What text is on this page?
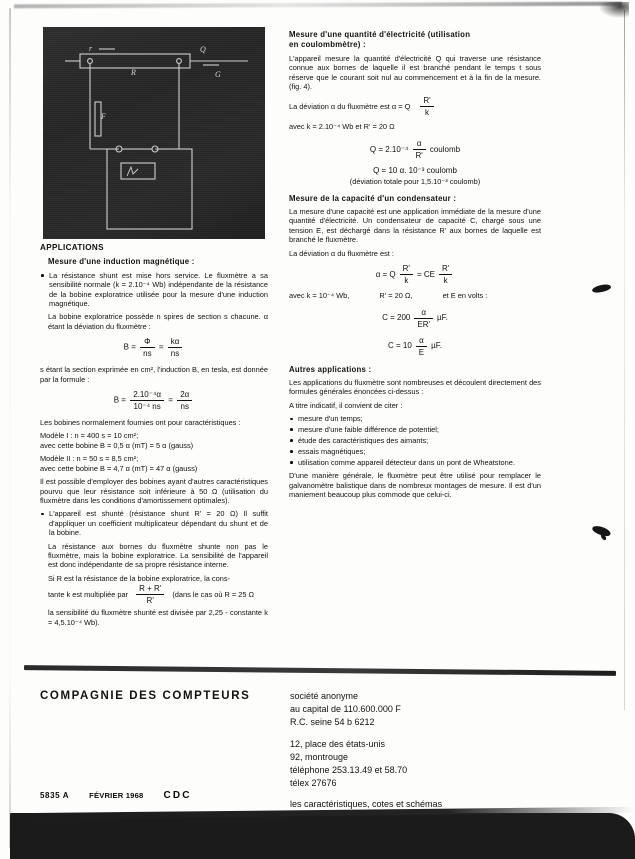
r
R
Q
G
F
APPLICATIONS
Mesure d'une induction magnétique :
La résistance shunt est mise hors service. Le fluxmètre a sa sensibilité normale (k = 2.10⁻⁴ Wb) indépendante de la résistance de la bobine exploratrice utilisée pour la mesure d'une induction magnétique.

La bobine exploratrice possède n spires de section s chacune. α étant la déviation du fluxmètre :

$B = \frac{\Phi}{ns} = \frac{k\alpha}{ns}$

s étant la section exprimée en cm², l'induction B, en tesla, est donnée par la formule :

$B = \frac{\text{2.10⁻⁴α}}{\text{10⁻⁴ ns}} = \frac{2\alpha}{ns}$

Les bobines normalement fournies ont pour caractéristiques :

Modèle I : n = 400 s = 10 cm²;

avec cette bobine B = 0,5 α (mT) = 5 α (gauss)

Modèle II : n = 50 s = 8,5 cm²;

avec cette bobine B = 4,7 α (mT) = 47 α (gauss)

Il est possible d'employer des bobines ayant d'autres caractéristiques pourvu que leur résistance soit inférieure à 50 Ω (utilisation du fluxmètre dans les conditions d'amortissement optimales).

L'appareil est shunté (résistance shunt R' = 20 Ω) Il suffit d'appliquer un coefficient multiplicateur dépendant du shunt et de la bobine.

La résistance aux bornes du fluxmètre shunte non pas le fluxmètre, mais la bobine exploratrice. La sensibilité de l'appareil est donc indépendante de sa propre résistance interne.

Si R est la résistance de la bobine exploratrice, la cons-

tante k est multipliée par $\frac{R + R'}{R'}$ (dans le cas où R = 25 Ω

la sensibilité du fluxmètre shunté est divisée par 2,25 - constante k = 4,5.10⁻⁴ Wb).

Mesure d'une quantité d'électricité (utilisation
en coulombmètre) :

L'appareil mesure la quantité d'électricité Q qui traverse une résistance connue aux bornes de laquelle il est branché pendant le temps t sous réserve que le courant soit nul au commencement et à la fin de la mesure. (fig. 4).

La déviation α du fluxmètre est α = Q $\frac{R'}{k}$

avec k = 2.10⁻⁴ Wb et R' = 20 Ω

$Q = 2.10^{-4} \frac{\alpha}{R'}$ coulomb
Q = 10 α. 10⁻³ coulomb
(déviation totale pour 1,5.10⁻³ coulomb)
Mesure de la capacité d'un condensateur :

La mesure d'une capacité est une application immédiate de la mesure d'une quantité d'électricité. Un condensateur de capacité C, chargé sous une tension E, est déchargé dans la résistance R' aux bornes de laquelle est branché le fluxmètre.

La déviation α du fluxmètre est :

α = Q $\frac{R'}{k}$ = CE $\frac{R'}{k}$

avec k = 10⁻⁴ Wb,	R' = 20 Ω,	et E en volts :

$C = 200 \frac{\alpha}{ER'} \mu F$.
$C = 10 \frac{\alpha}{E} \mu F$.
Autres applications :

Les applications du fluxmètre sont nombreuses et découlent directement des formules générales énoncées ci-dessus :

A titre indicatif, il convient de citer :

mesure d'un temps;
mesure d'une faible différence de potentiel;
étude des caractéristiques des aimants;
essais magnétiques;
utilisation comme appareil détecteur dans un pont de Wheatstone.

D'une manière générale, le fluxmètre peut être utilisé pour remplacer le galvanomètre balistique dans de nombreux montages de mesure. Il est d'un maniement beaucoup plus commode que celui-ci.

COMPAGNIE DES COMPTEURS
5835 A	FÉVRIER 1968 CDC
société anonyme
au capital de 110.600.000 F
R.C. seine 54 b 6212
12, place des états-unis
92, montrouge
téléphone 253.13.49 et 58.70
télex 27676
les caractéristiques, cotes et schémas
